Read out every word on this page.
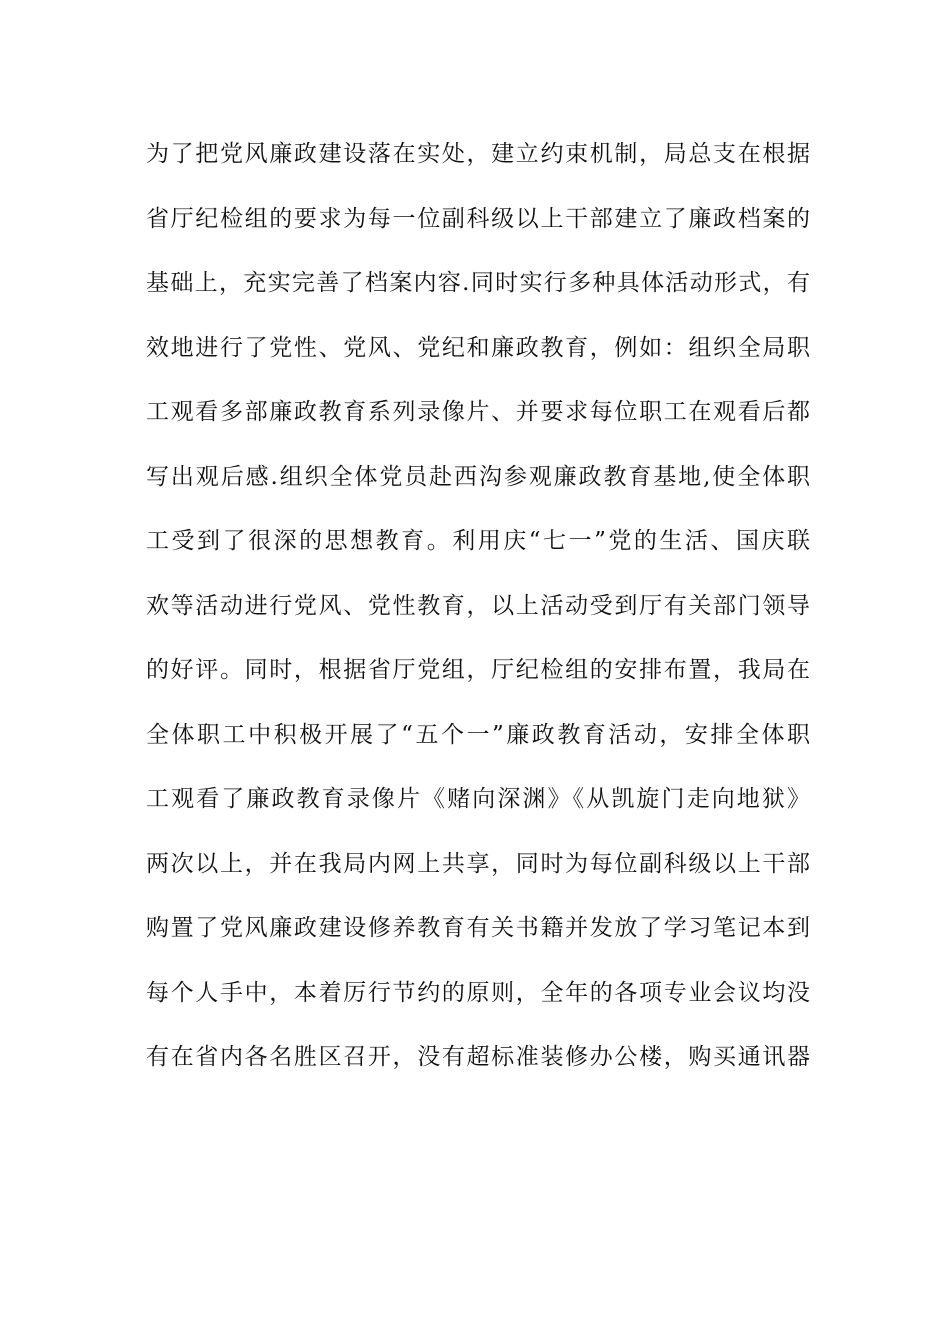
为了把党风廉政建设落在实处，建立约束机制，局总支在根据
省厅纪检组的要求为每一位副科级以上干部建立了廉政档案的
基础上，充实完善了档案内容.同时实行多种具体活动形式，有
效地进行了党性、党风、党纪和廉政教育，例如：组织全局职
工观看多部廉政教育系列录像片、并要求每位职工在观看后都
写出观后感.组织全体党员赴西沟参观廉政教育基地,使全体职
工受到了很深的思想教育。利用庆“七一”党的生活、国庆联
欢等活动进行党风、党性教育，以上活动受到厅有关部门领导
的好评。同时，根据省厅党组，厅纪检组的安排布置，我局在
全体职工中积极开展了“五个一”廉政教育活动，安排全体职
工观看了廉政教育录像片《赌向深渊》《从凯旋门走向地狱》
两次以上，并在我局内网上共享，同时为每位副科级以上干部
购置了党风廉政建设修养教育有关书籍并发放了学习笔记本到
每个人手中，本着厉行节约的原则，全年的各项专业会议均没
有在省内各名胜区召开，没有超标准装修办公楼，购买通讯器
